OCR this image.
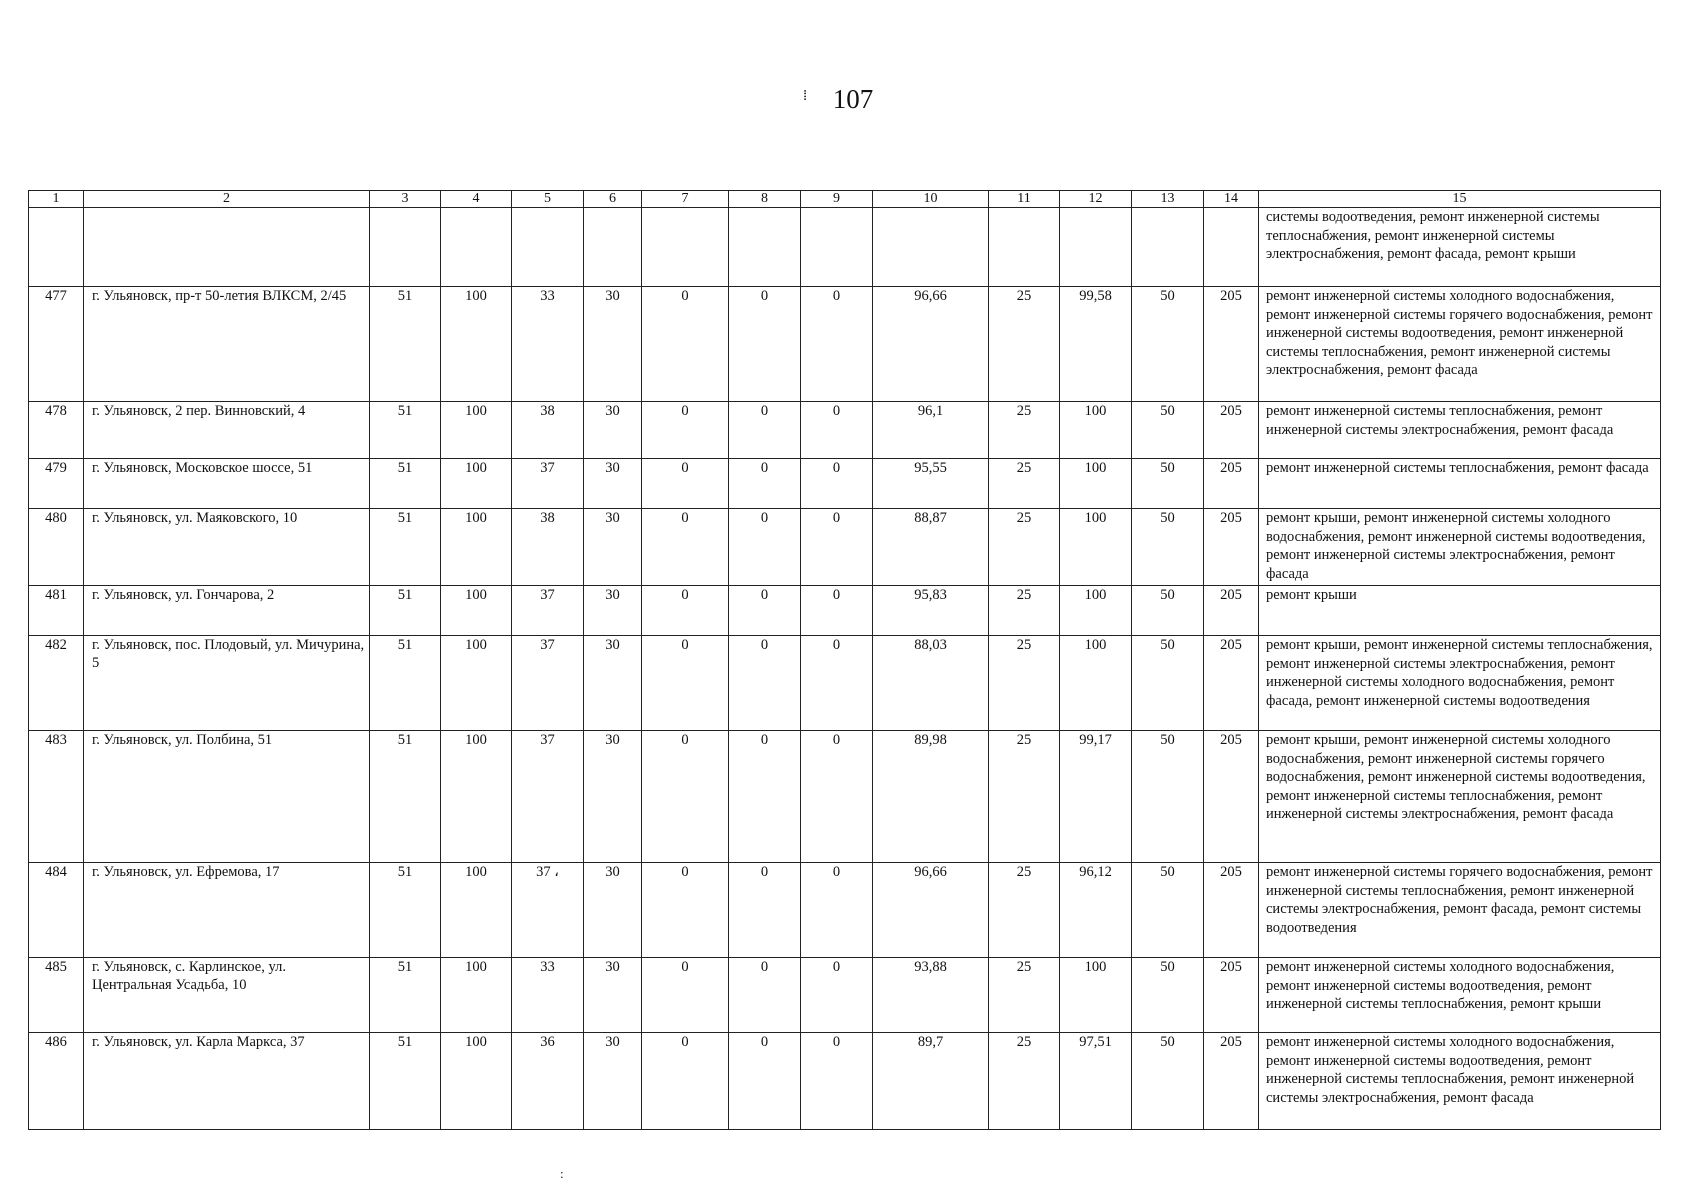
107
⁞
1	2	3	4	5	6	7	8	9	10	11	12	13	14	15
														системы водоотведения, ремонт инженерной системы теплоснабжения, ремонт инженерной системы электроснабжения, ремонт фасада, ремонт крыши
477	г. Ульяновск, пр-т 50-летия ВЛКСМ, 2/45	51	100	33	30	0	0	0	96,66	25	99,58	50	205	ремонт инженерной системы холодного водоснабжения, ремонт инженерной системы горячего водоснабжения, ремонт инженерной системы водоотведения, ремонт инженерной системы теплоснабжения, ремонт инженерной системы электроснабжения, ремонт фасада
478	г. Ульяновск, 2 пер. Винновский, 4	51	100	38	30	0	0	0	96,1	25	100	50	205	ремонт инженерной системы теплоснабжения, ремонт инженерной системы электроснабжения, ремонт фасада
479	г. Ульяновск, Московское шоссе, 51	51	100	37	30	0	0	0	95,55	25	100	50	205	ремонт инженерной системы теплоснабжения, ремонт фасада
480	г. Ульяновск, ул. Маяковского, 10	51	100	38	30	0	0	0	88,87	25	100	50	205	ремонт крыши, ремонт инженерной системы холодного водоснабжения, ремонт инженерной системы водоотведения, ремонт инженерной системы электроснабжения, ремонт фасада
481	г. Ульяновск, ул. Гончарова, 2	51	100	37	30	0	0	0	95,83	25	100	50	205	ремонт крыши
482	г. Ульяновск, пос. Плодовый, ул. Мичурина, 5	51	100	37	30	0	0	0	88,03	25	100	50	205	ремонт крыши, ремонт инженерной системы теплоснабжения, ремонт инженерной системы электроснабжения, ремонт инженерной системы холодного водоснабжения, ремонт фасада, ремонт инженерной системы водоотведения
483	г. Ульяновск, ул. Полбина, 51	51	100	37	30	0	0	0	89,98	25	99,17	50	205	ремонт крыши, ремонт инженерной системы холодного водоснабжения, ремонт инженерной системы горячего водоснабжения, ремонт инженерной системы водоотведения, ремонт инженерной системы теплоснабжения, ремонт инженерной системы электроснабжения, ремонт фасада
484	г. Ульяновск, ул. Ефремова, 17	51	100	37 ،	30	0	0	0	96,66	25	96,12	50	205	ремонт инженерной системы горячего водоснабжения, ремонт инженерной системы теплоснабжения, ремонт инженерной системы электроснабжения, ремонт фасада, ремонт системы водоотведения
485	г. Ульяновск, с. Карлинское, ул. Центральная Усадьба, 10	51	100	33	30	0	0	0	93,88	25	100	50	205	ремонт инженерной системы холодного водоснабжения, ремонт инженерной системы водоотведения, ремонт инженерной системы теплоснабжения, ремонт крыши
486	г. Ульяновск, ул. Карла Маркса, 37	51	100	36	30	0	0	0	89,7	25	97,51	50	205	ремонт инженерной системы холодного водоснабжения, ремонт инженерной системы водоотведения, ремонт инженерной системы теплоснабжения, ремонт инженерной системы электроснабжения, ремонт фасада
:
